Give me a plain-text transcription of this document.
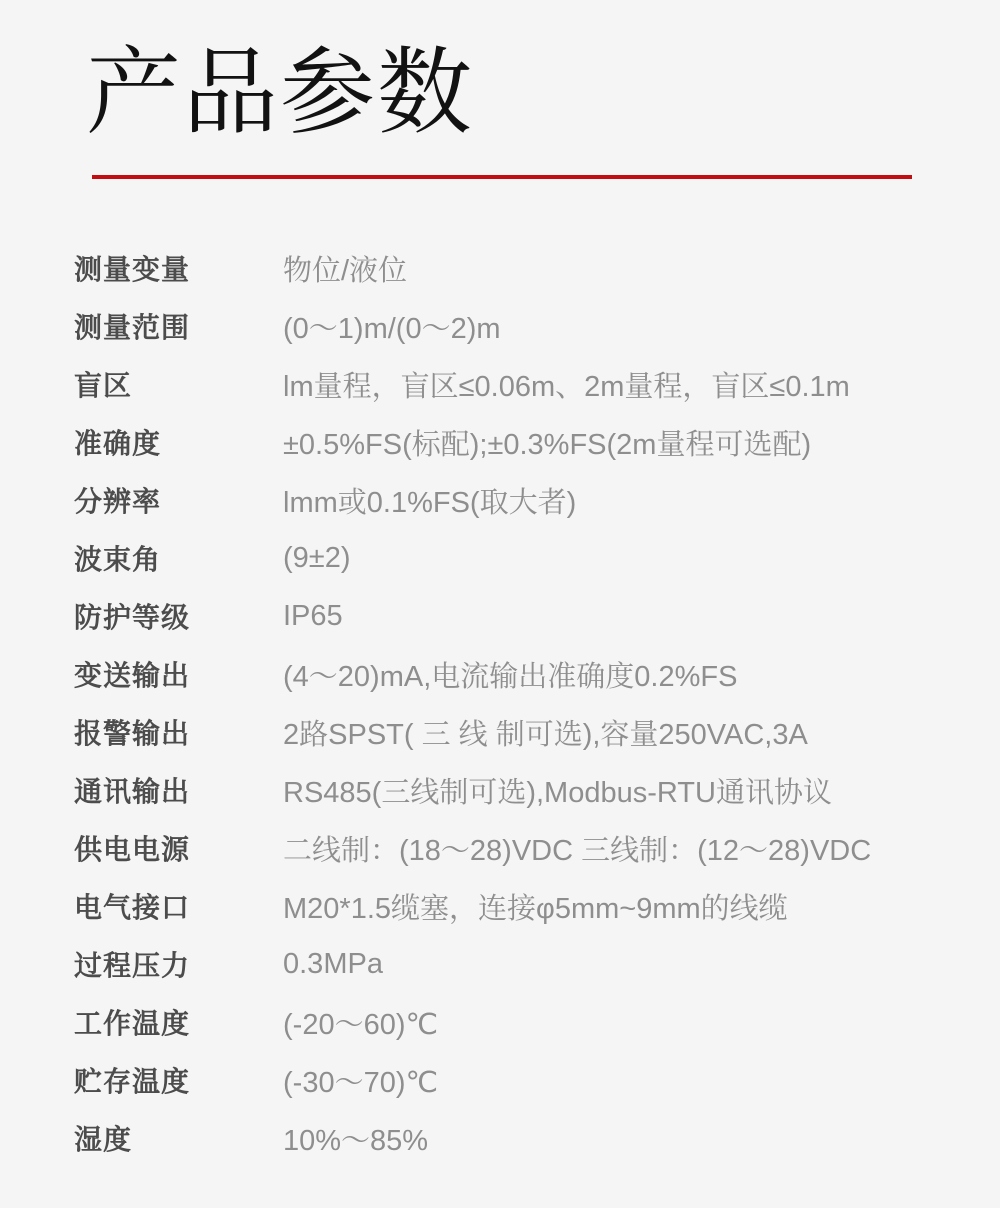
产品参数
测量变量	物位/液位
测量范围	(0～1)m/(0～2)m
盲区	lm量程，盲区≤0.06m、2m量程，盲区≤0.1m
准确度	±0.5%FS(标配);±0.3%FS(2m量程可选配)
分辨率	lmm或0.1%FS(取大者)
波束角	(9±2)
防护等级	IP65
变送输出	(4～20)mA,电流输出准确度0.2%FS
报警输出	2路SPST( 三 线 制可选),容量250VAC,3A
通讯输出	RS485(三线制可选),Modbus-RTU通讯协议
供电电源	二线制：(18～28)VDC 三线制：(12～28)VDC
电气接口	M20*1.5缆塞，连接φ5mm~9mm的线缆
过程压力	0.3MPa
工作温度	(-20～60)℃
贮存温度	(-30～70)℃
湿度	10%～85%
